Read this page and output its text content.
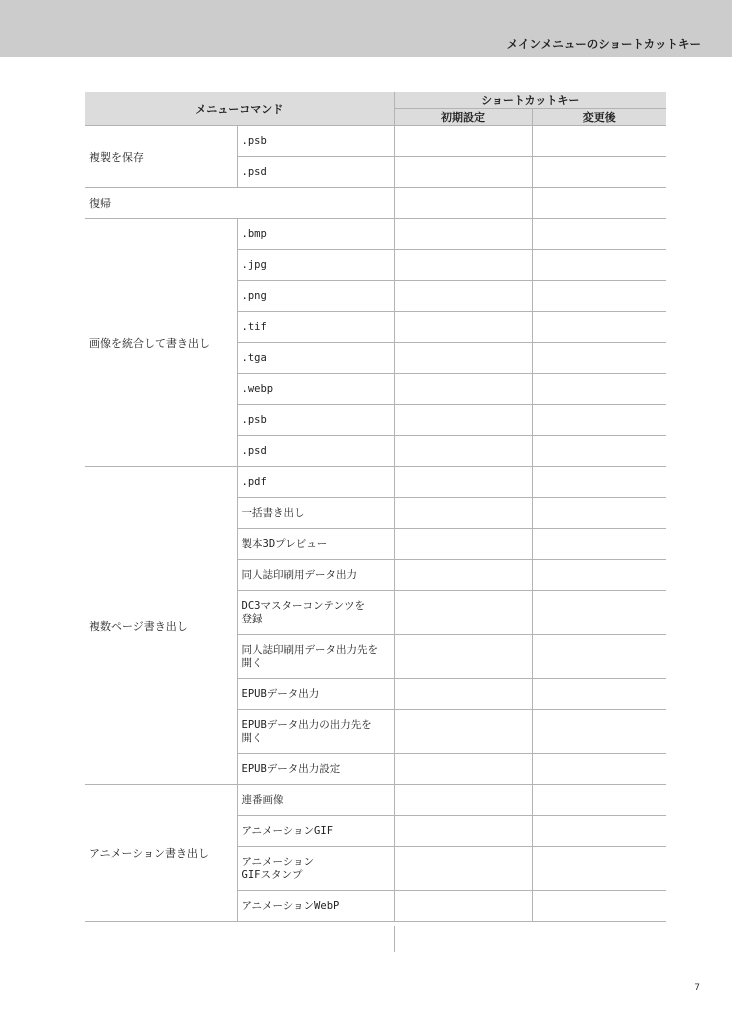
メインメニューのショートカットキー
メニューコマンド		ショートカットキー	
		初期設定	変更後
複製を保存	.psb		
	.psd		
復帰			
画像を統合して書き出し	.bmp		
	.jpg		
	.png		
	.tif		
	.tga		
	.webp		
	.psb		
	.psd		
複数ページ書き出し	.pdf		
	一括書き出し		
	製本3Dプレビュー		
	同人誌印刷用データ出力		
	DC3マスターコンテンツを
登録		
	同人誌印刷用データ出力先を
開く		
	EPUBデータ出力		
	EPUBデータ出力の出力先を
開く		
	EPUBデータ出力設定		
アニメーション書き出し	連番画像		
	アニメーションGIF		
	アニメーション
GIFスタンプ		
	アニメーションWebP		
7
